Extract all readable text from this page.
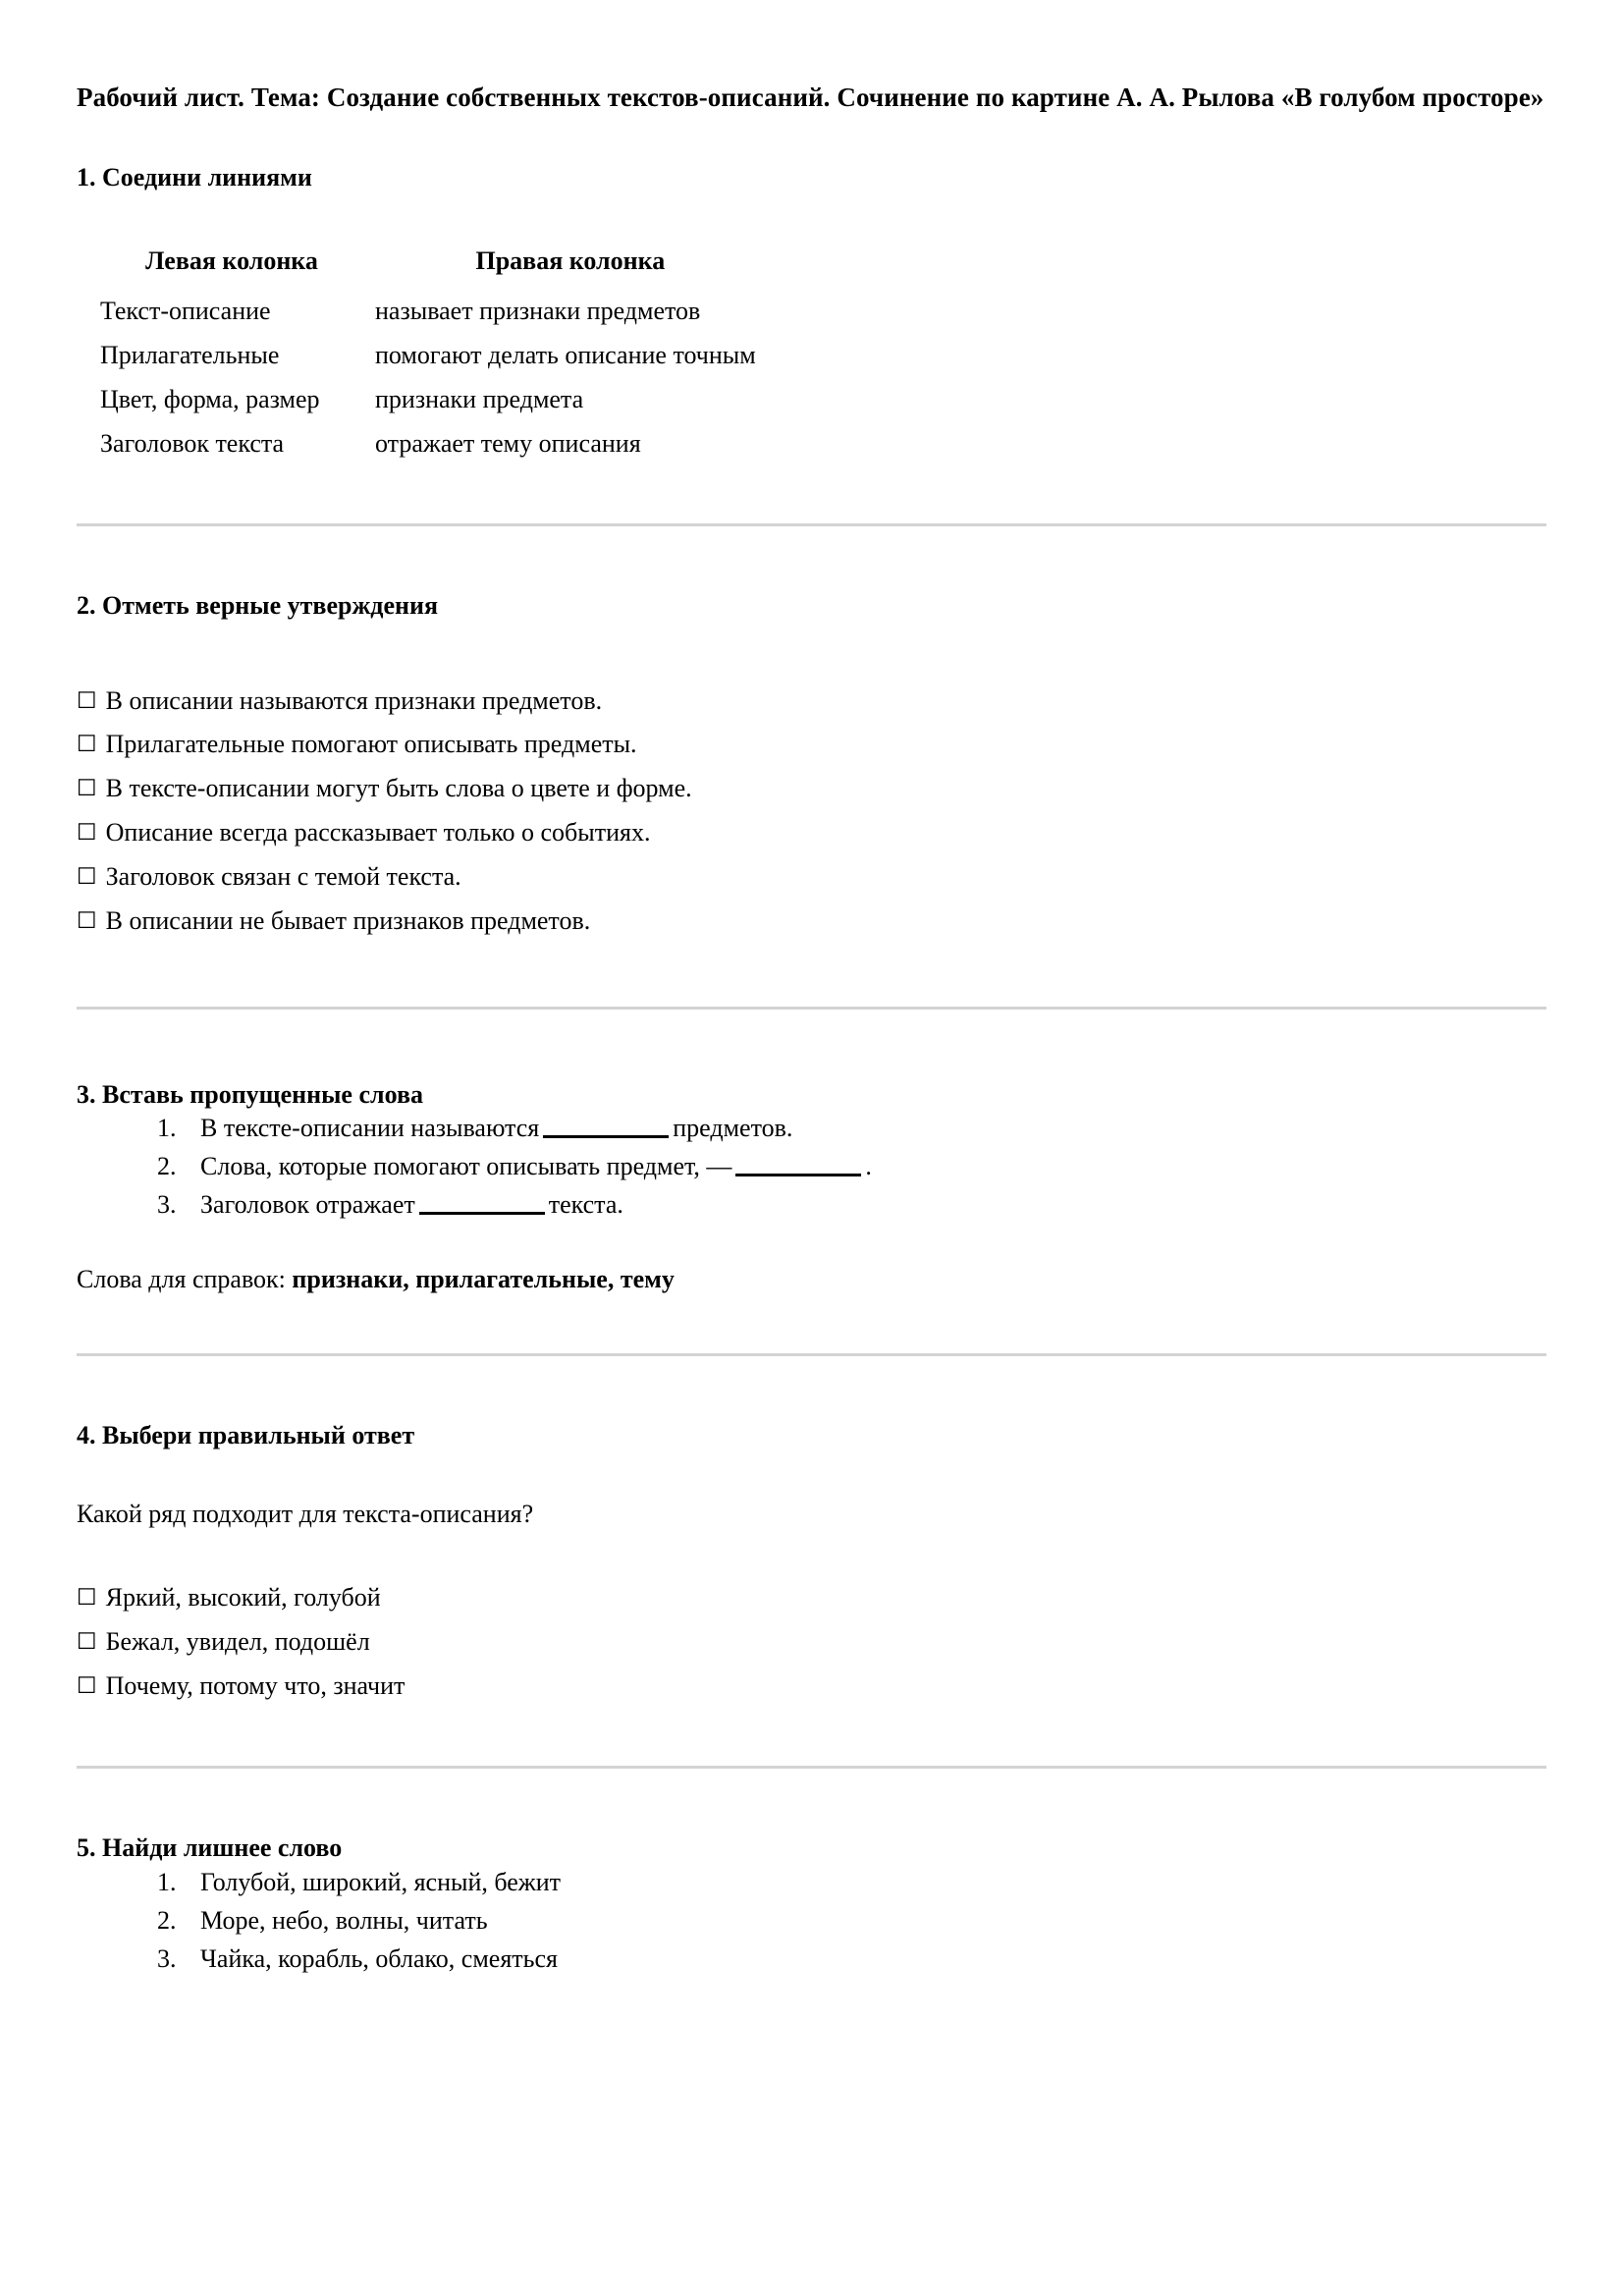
Рабочий лист. Тема: Создание собственных текстов-описаний. Сочинение по картине А. А. Рылова «В голубом просторе»
1. Соедини линиями
Левая колонка	Правая колонка
Текст-описание	называет признаки предметов
Прилагательные	помогают делать описание точным
Цвет, форма, размер	признаки предмета
Заголовок текста	отражает тему описания
2. Отметь верные утверждения
☐ В описании называются признаки предметов.
☐ Прилагательные помогают описывать предметы.
☐ В тексте-описании могут быть слова о цвете и форме.
☐ Описание всегда рассказывает только о событиях.
☐ Заголовок связан с темой текста.
☐ В описании не бывает признаков предметов.
3. Вставь пропущенные слова
1. В тексте-описании называются	предметов.
2. Слова, которые помогают описывать предмет, —	.
3. Заголовок отражает	текста.
Слова для справок: признаки, прилагательные, тему
4. Выбери правильный ответ
Какой ряд подходит для текста-описания?
☐ Яркий, высокий, голубой
☐ Бежал, увидел, подошёл
☐ Почему, потому что, значит
5. Найди лишнее слово
1. Голубой, широкий, ясный, бежит
2. Море, небо, волны, читать
3. Чайка, корабль, облако, смеяться
